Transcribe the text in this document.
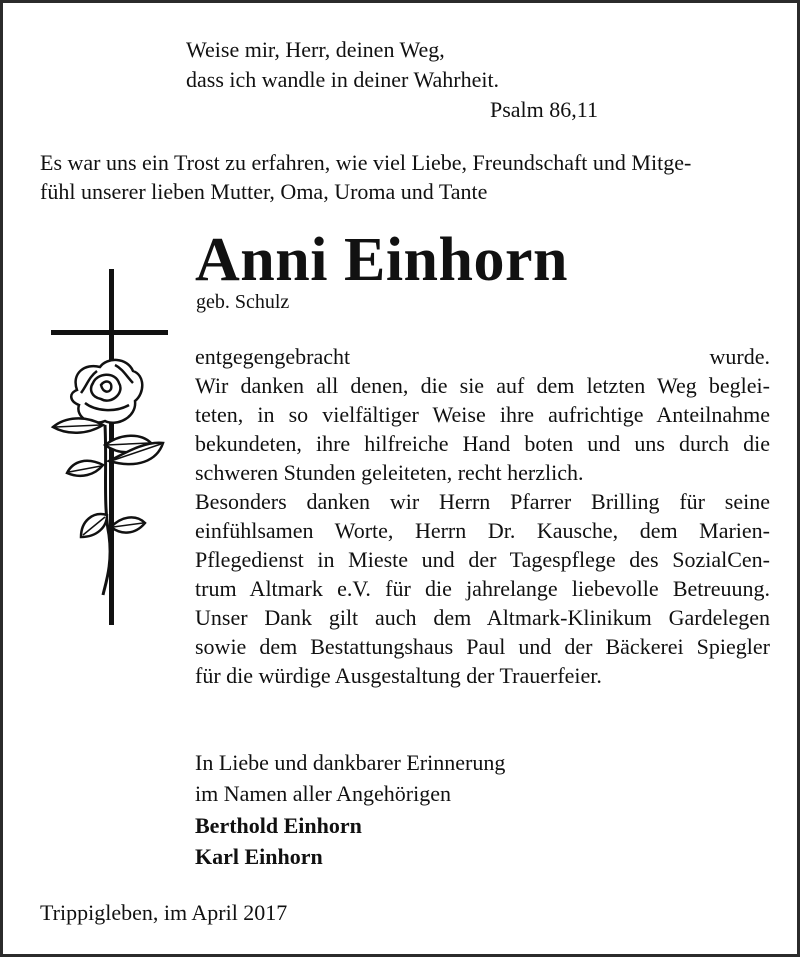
Weise mir, Herr, deinen Weg,
dass ich wandle in deiner Wahrheit.
Psalm 86,11
Es war uns ein Trost zu erfahren, wie viel Liebe, Freundschaft und Mitge-
fühl unserer lieben Mutter, Oma, Uroma und Tante
Anni Einhorn
geb. Schulz
entgegengebracht wurde.
Wir danken all denen, die sie auf dem letzten Weg beglei-
teten, in so vielfältiger Weise ihre aufrichtige Anteilnahme
bekundeten, ihre hilfreiche Hand boten und uns durch die
schweren Stunden geleiteten, recht herzlich.
Besonders danken wir Herrn Pfarrer Brilling für seine
einfühlsamen Worte, Herrn Dr. Kausche, dem Marien-
Pflegedienst in Mieste und der Tagespflege des SozialCen-
trum Altmark e.V. für die jahrelange liebevolle Betreuung.
Unser Dank gilt auch dem Altmark-Klinikum Gardelegen
sowie dem Bestattungshaus Paul und der Bäckerei Spiegler
für die würdige Ausgestaltung der Trauerfeier.
In Liebe und dankbarer Erinnerung
im Namen aller Angehörigen
Berthold Einhorn
Karl Einhorn
Trippigleben, im April 2017
